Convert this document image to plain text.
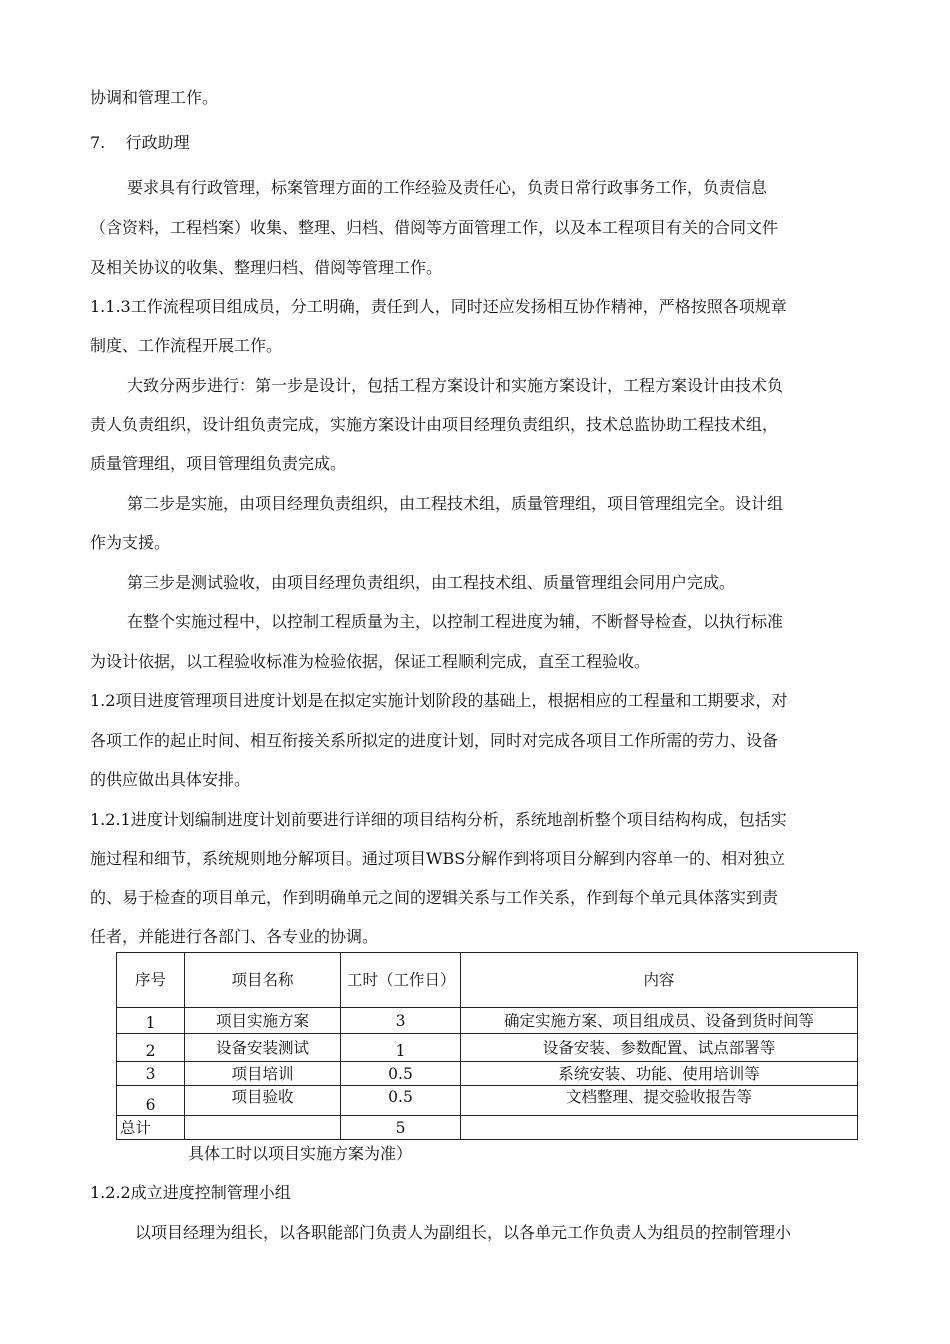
协调和管理工作。
7.    行政助理
要求具有行政管理，标案管理方面的工作经验及责任心，负责日常行政事务工作，负责信息
（含资料，工程档案）收集、整理、归档、借阅等方面管理工作，以及本工程项目有关的合同文件
及相关协议的收集、整理归档、借阅等管理工作。
1.1.3工作流程项目组成员，分工明确，责任到人，同时还应发扬相互协作精神，严格按照各项规章
制度、工作流程开展工作。
大致分两步进行：第一步是设计，包括工程方案设计和实施方案设计，工程方案设计由技术负
责人负责组织，设计组负责完成，实施方案设计由项目经理负责组织，技术总监协助工程技术组，
质量管理组，项目管理组负责完成。
第二步是实施，由项目经理负责组织，由工程技术组，质量管理组，项目管理组完全。设计组
作为支援。
第三步是测试验收，由项目经理负责组织，由工程技术组、质量管理组会同用户完成。
在整个实施过程中，以控制工程质量为主，以控制工程进度为辅，不断督导检查，以执行标准
为设计依据，以工程验收标准为检验依据，保证工程顺利完成，直至工程验收。
1.2项目进度管理项目进度计划是在拟定实施计划阶段的基础上，根据相应的工程量和工期要求，对
各项工作的起止时间、相互衔接关系所拟定的进度计划，同时对完成各项目工作所需的劳力、设备
的供应做出具体安排。
1.2.1进度计划编制进度计划前要进行详细的项目结构分析，系统地剖析整个项目结构构成，包括实
施过程和细节，系统规则地分解项目。通过项目WBS分解作到将项目分解到内容单一的、相对独立
的、易于检查的项目单元，作到明确单元之间的逻辑关系与工作关系，作到每个单元具体落实到责
任者，并能进行各部门、各专业的协调。
序号	项目名称	工时（工作日）	内容
1	项目实施方案	3	确定实施方案、项目组成员、设备到货时间等
2	设备安装测试	1	设备安装、参数配置、试点部署等
3	项目培训	0.5	系统安装、功能、使用培训等
6	项目验收	0.5	文档整理、提交验收报告等
总计		5	
具体工时以项目实施方案为准）
1.2.2成立进度控制管理小组
以项目经理为组长，以各职能部门负责人为副组长，以各单元工作负责人为组员的控制管理小
